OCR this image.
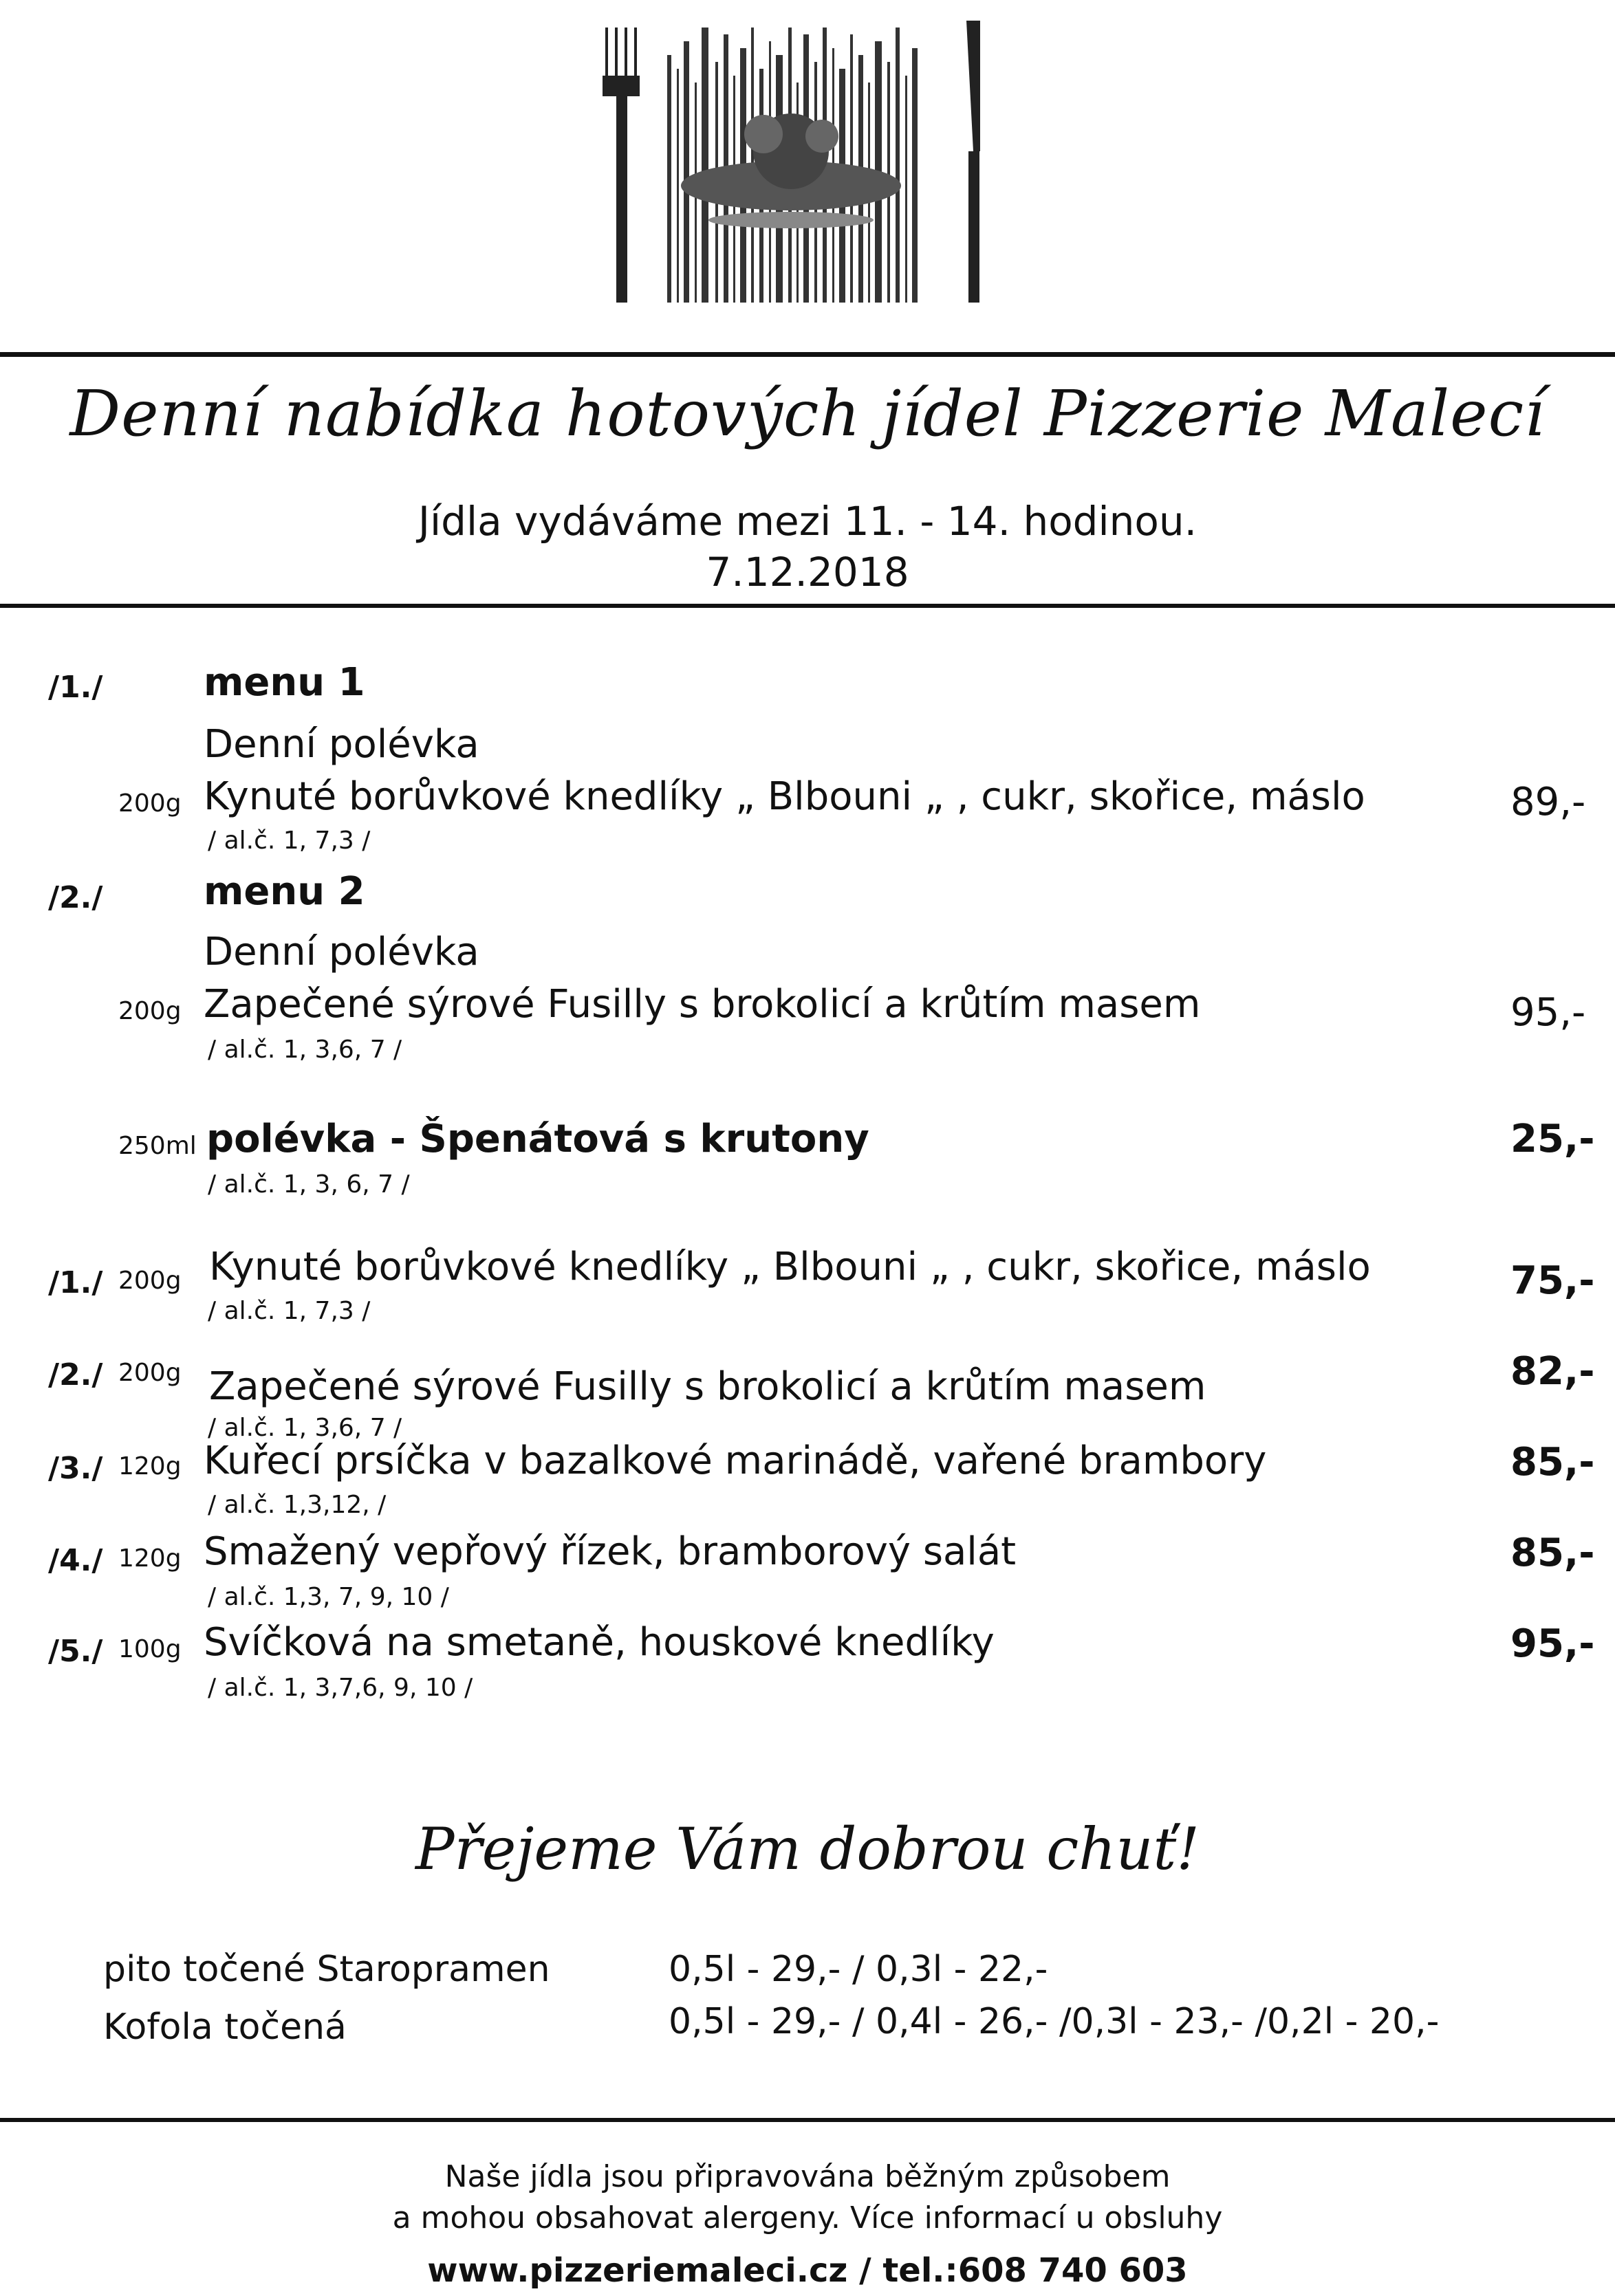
Denní nabídka hotových jídel Pizzerie Malecí
Jídla vydáváme mezi 11. - 14. hodinou.
7.12.2018
/1./	menu 1
Denní polévka
200g Kynuté borůvkové knedlíky „ Blbouni „ , cukr, skořice, máslo
/ al.č. 1, 7,3 /
89,-
/2./	menu 2
Denní polévka
200g Zapečené sýrové Fusilly s brokolicí a krůtím masem
/ al.č. 1, 3,6, 7 /
95,-
250ml polévka - Špenátová s krutony
/ al.č. 1, 3, 6, 7 /
25,-
/1./ 200g Kynuté borůvkové knedlíky „ Blbouni „ , cukr, skořice, máslo
/ al.č. 1, 7,3 /
75,-
/2./ 200g Zapečené sýrové Fusilly s brokolicí a krůtím masem
/ al.č. 1, 3,6, 7 /
82,-
/3./ 120g Kuřecí prsíčka v bazalkové marinádě, vařené brambory
/ al.č. 1,3,12, /
85,-
/4./ 120g Smažený vepřový řízek, bramborový salát
/ al.č. 1,3, 7, 9, 10 /
85,-
/5./ 100g Svíčková na smetaně, houskové knedlíky
/ al.č. 1, 3,7,6, 9, 10 /
95,-
Přejeme Vám dobrou chuť!
pito točené Staropramen	0,5l - 29,- / 0,3l - 22,-
Kofola točená	0,5l - 29,- / 0,4l - 26,- /0,3l - 23,- /0,2l - 20,-
Naše jídla jsou připravována běžným způsobem
a mohou obsahovat alergeny. Více informací u obsluhy
www.pizzeriemaleci.cz / tel.:608 740 603
